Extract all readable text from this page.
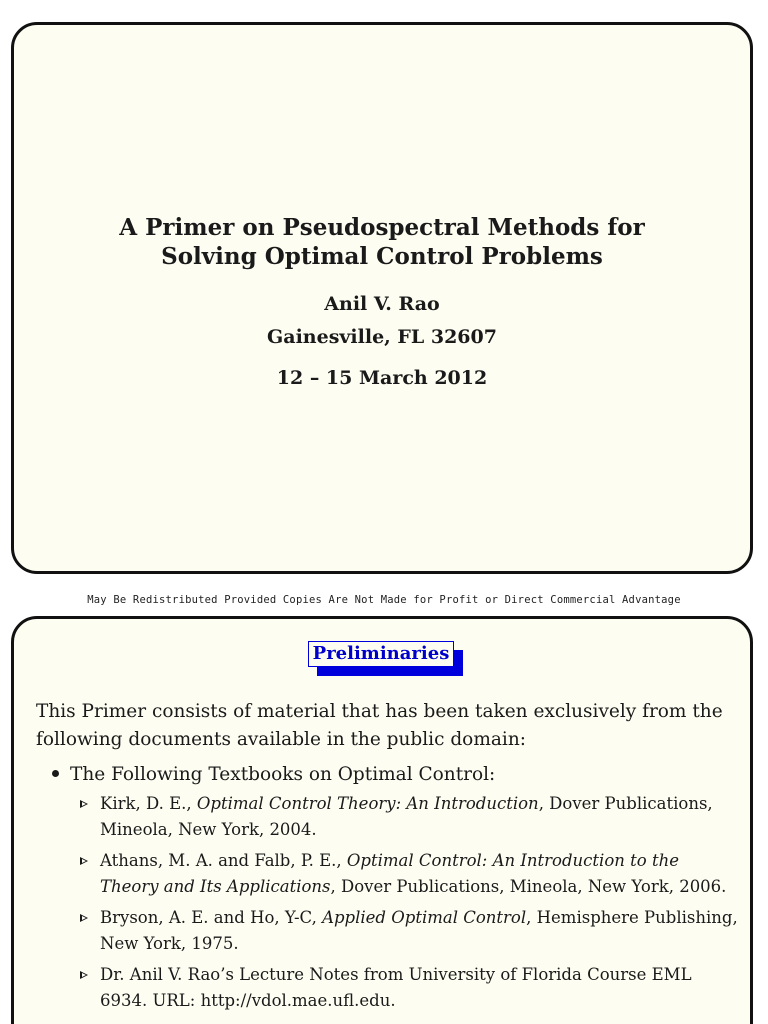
A Primer on Pseudospectral Methods for
Solving Optimal Control Problems
Anil V. Rao
Gainesville, FL 32607
12 – 15 March 2012
May Be Redistributed Provided Copies Are Not Made for Profit or Direct Commercial Advantage
Preliminaries
This Primer consists of material that has been taken exclusively from the following documents available in the public domain:
The Following Textbooks on Optimal Control:
Kirk, D. E., Optimal Control Theory: An Introduction, Dover Publications, Mineola, New York, 2004.
Athans, M. A. and Falb, P. E., Optimal Control: An Introduction to the Theory and Its Applications, Dover Publications, Mineola, New York, 2006.
Bryson, A. E. and Ho, Y-C, Applied Optimal Control, Hemisphere Publishing, New York, 1975.
Dr. Anil V. Rao’s Lecture Notes from University of Florida Course EML 6934. URL: http://vdol.mae.ufl.edu.
